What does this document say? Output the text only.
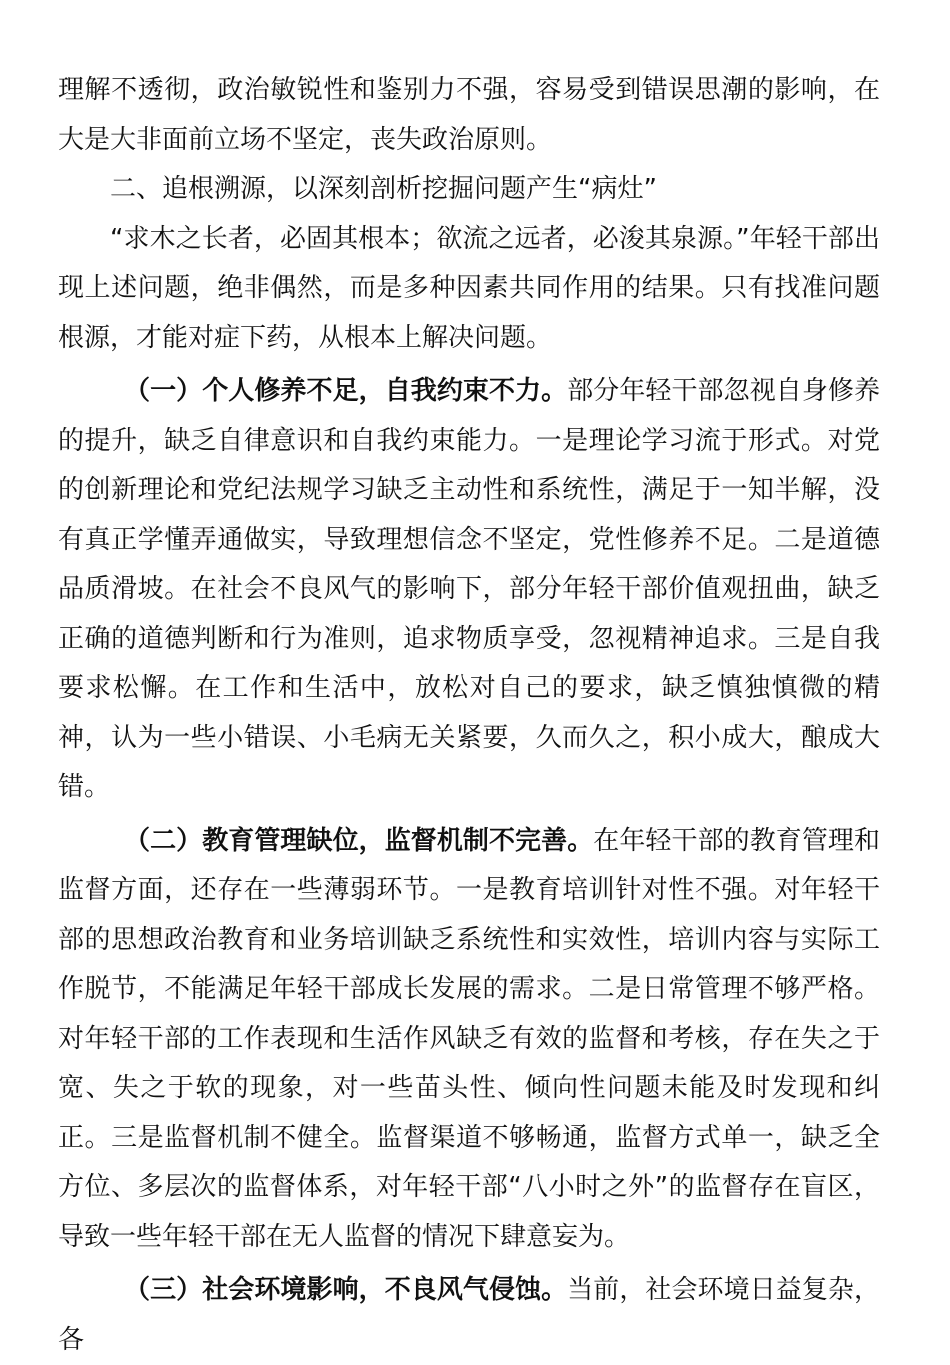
理解不透彻，政治敏锐性和鉴别力不强，容易受到错误思潮的影响，在大是大非面前立场不坚定，丧失政治原则。

二、追根溯源，以深刻剖析挖掘问题产生“病灶”

“求木之长者，必固其根本；欲流之远者，必浚其泉源。”年轻干部出现上述问题，绝非偶然，而是多种因素共同作用的结果。只有找准问题根源，才能对症下药，从根本上解决问题。

（一）个人修养不足，自我约束不力。部分年轻干部忽视自身修养的提升，缺乏自律意识和自我约束能力。一是理论学习流于形式。对党的创新理论和党纪法规学习缺乏主动性和系统性，满足于一知半解，没有真正学懂弄通做实，导致理想信念不坚定，党性修养不足。二是道德品质滑坡。在社会不良风气的影响下，部分年轻干部价值观扭曲，缺乏正确的道德判断和行为准则，追求物质享受，忽视精神追求。三是自我要求松懈。在工作和生活中，放松对自己的要求，缺乏慎独慎微的精神，认为一些小错误、小毛病无关紧要，久而久之，积小成大，酿成大错。

（二）教育管理缺位，监督机制不完善。在年轻干部的教育管理和监督方面，还存在一些薄弱环节。一是教育培训针对性不强。对年轻干部的思想政治教育和业务培训缺乏系统性和实效性，培训内容与实际工作脱节，不能满足年轻干部成长发展的需求。二是日常管理不够严格。对年轻干部的工作表现和生活作风缺乏有效的监督和考核，存在失之于宽、失之于软的现象，对一些苗头性、倾向性问题未能及时发现和纠正。三是监督机制不健全。监督渠道不够畅通，监督方式单一，缺乏全方位、多层次的监督体系，对年轻干部“八小时之外”的监督存在盲区，导致一些年轻干部在无人监督的情况下肆意妄为。

（三）社会环境影响，不良风气侵蚀。当前，社会环境日益复杂，各
